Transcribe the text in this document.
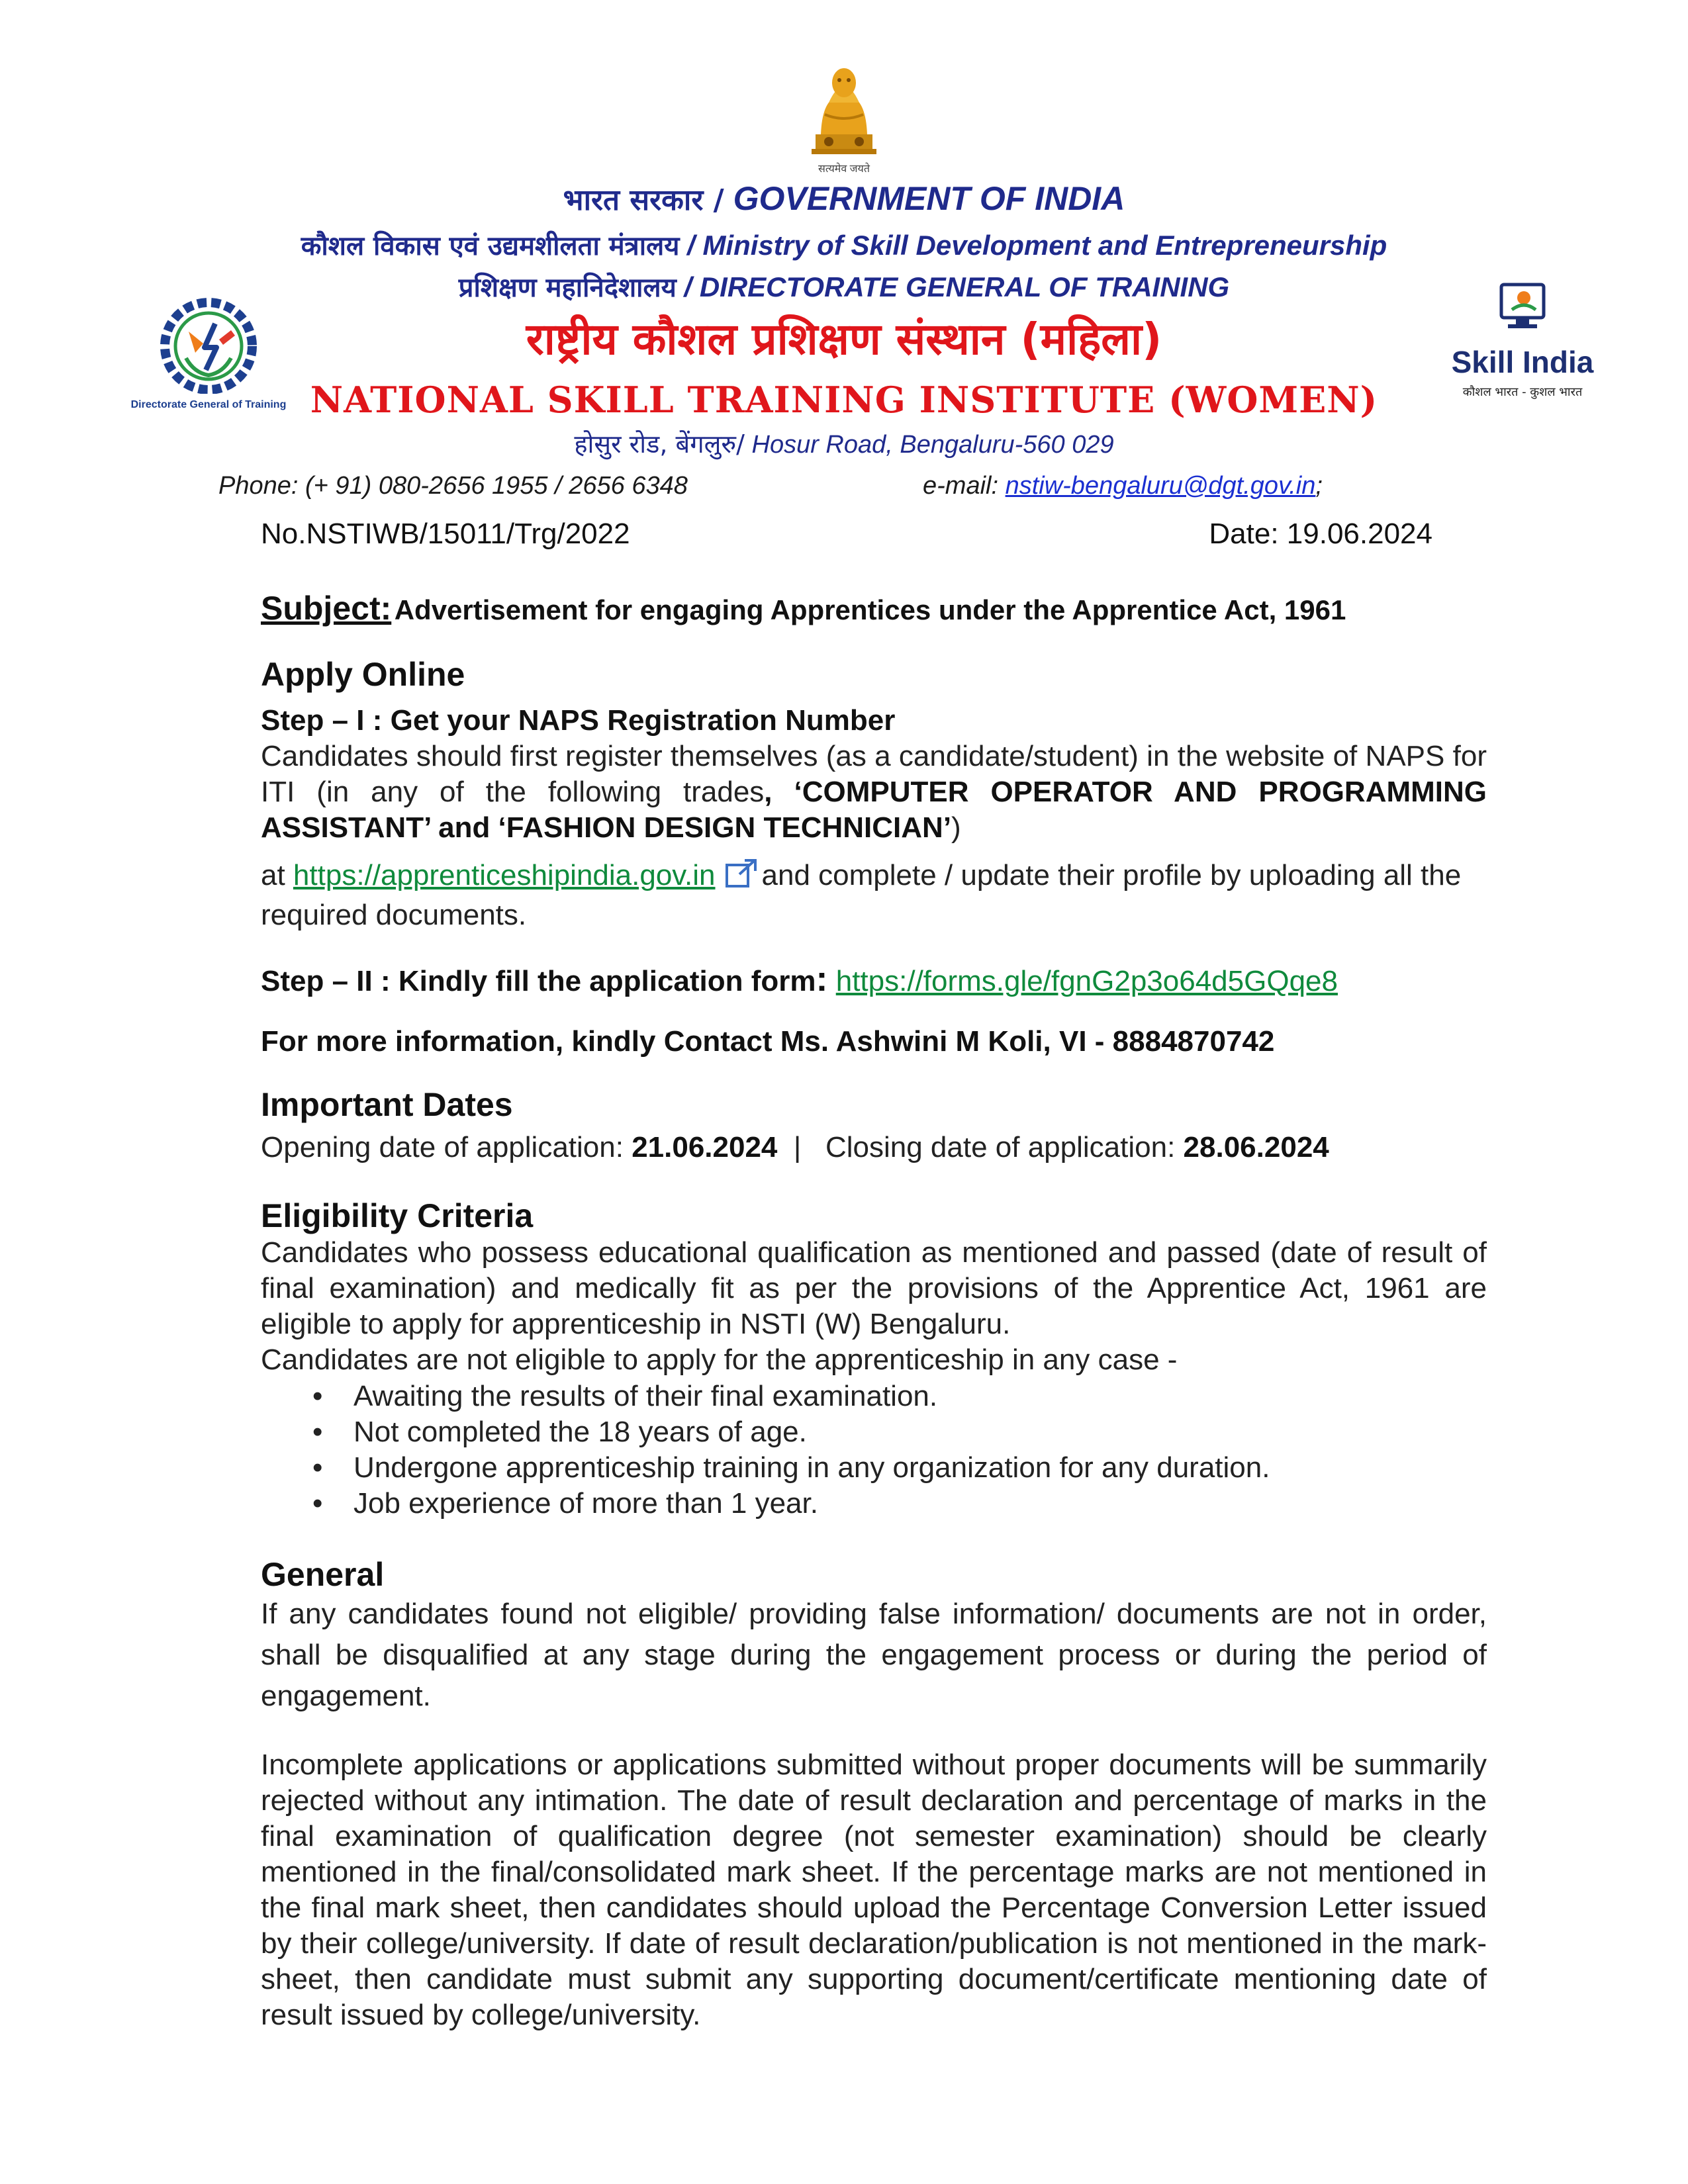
सत्यमेव जयते
Directorate General of Training
Skill India
कौशल भारत - कुशल भारत
भारत सरकार / GOVERNMENT OF INDIA
कौशल विकास एवं उद्यमशीलता मंत्रालय / Ministry of Skill Development and Entrepreneurship
प्रशिक्षण महानिदेशालय / DIRECTORATE GENERAL OF TRAINING
राष्ट्रीय कौशल प्रशिक्षण संस्थान (महिला)
NATIONAL SKILL TRAINING INSTITUTE (WOMEN)
होसुर रोड, बेंगलुरु/ Hosur Road, Bengaluru-560 029
Phone: (+ 91) 080-2656 1955 / 2656 6348	e-mail: nstiw-bengaluru@dgt.gov.in;
No.NSTIWB/15011/Trg/2022	Date: 19.06.2024
Subject: Advertisement for engaging Apprentices under the Apprentice Act, 1961
Apply Online
Step – I : Get your NAPS Registration Number
Candidates should first register themselves (as a candidate/student) in the website of NAPS for ITI (in any of the following trades, ‘COMPUTER OPERATOR AND PROGRAMMING ASSISTANT’ and ‘FASHION DESIGN TECHNICIAN’)
at https://apprenticeshipindia.gov.in and complete / update their profile by uploading all the required documents.
Step – II : Kindly fill the application form: https://forms.gle/fgnG2p3o64d5GQqe8
For more information, kindly Contact Ms. Ashwini M Koli, VI - 8884870742
Important Dates
Opening date of application: 21.06.2024  |   Closing date of application: 28.06.2024
Eligibility Criteria
Candidates who possess educational qualification as mentioned and passed (date of result of final examination) and medically fit as per the provisions of the Apprentice Act, 1961 are eligible to apply for apprenticeship in NSTI (W) Bengaluru.
Candidates are not eligible to apply for the apprenticeship in any case -
• Awaiting the results of their final examination.
• Not completed the 18 years of age.
• Undergone apprenticeship training in any organization for any duration.
• Job experience of more than 1 year.
General
If any candidates found not eligible/ providing false information/ documents are not in order, shall be disqualified at any stage during the engagement process or during the period of engagement.
Incomplete applications or applications submitted without proper documents will be summarily rejected without any intimation. The date of result declaration and percentage of marks in the final examination of qualification degree (not semester examination) should be clearly mentioned in the final/consolidated mark sheet. If the percentage marks are not mentioned in the final mark sheet, then candidates should upload the Percentage Conversion Letter issued by their college/university. If date of result declaration/publication is not mentioned in the mark-sheet, then candidate must submit any supporting document/certificate mentioning date of result issued by college/university.
